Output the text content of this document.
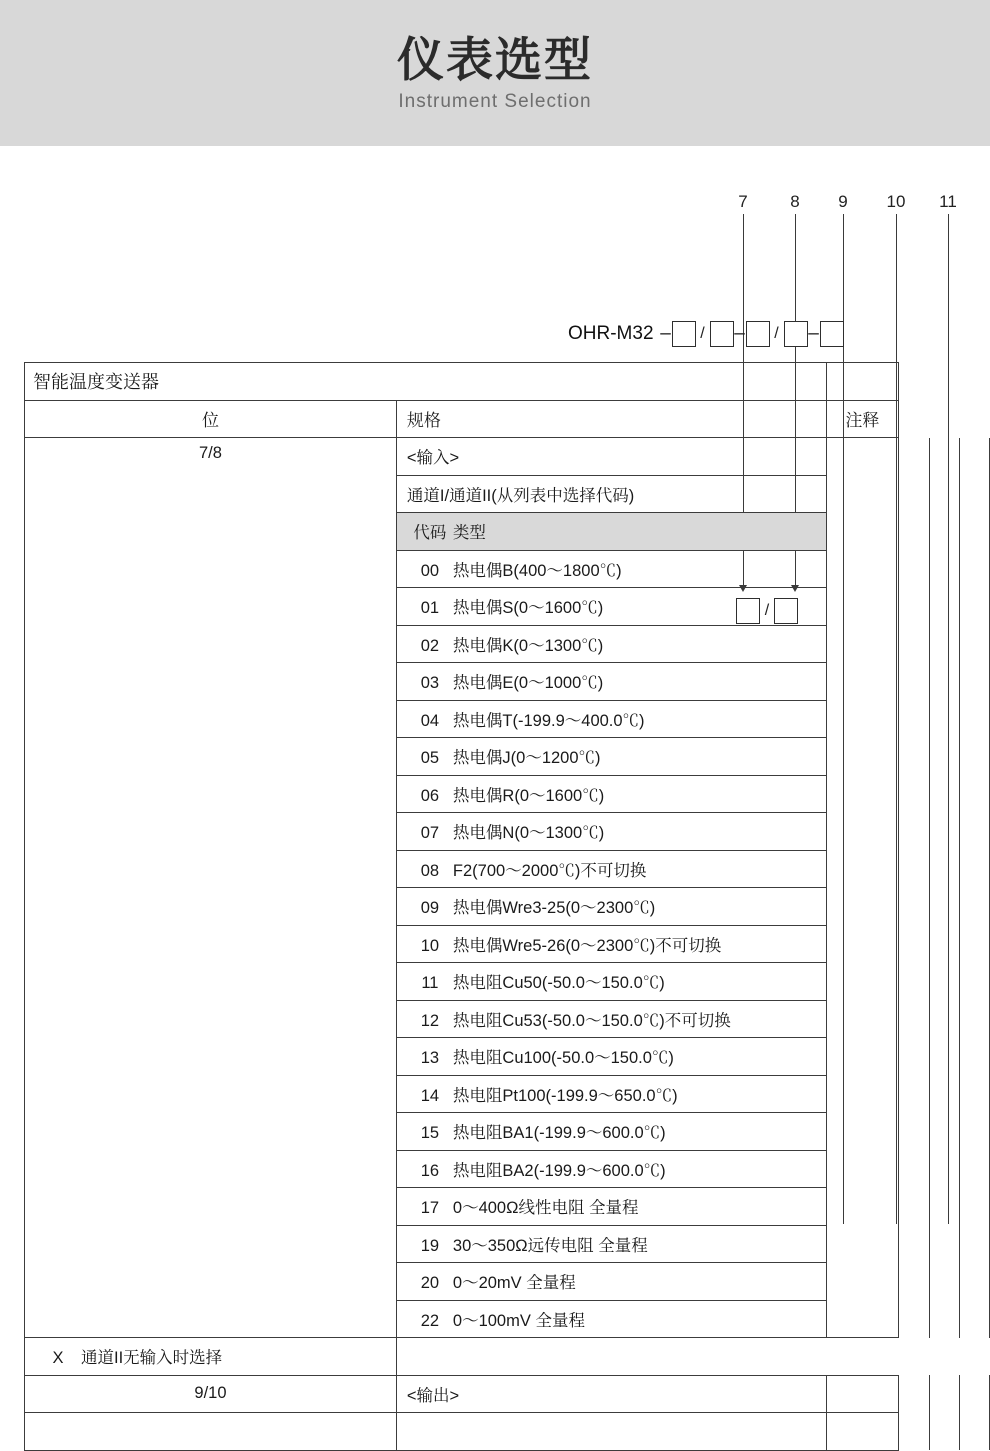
仪表选型
Instrument Selection
7	8	9	10	11
OHR-M32 – / – / –
/
智能温度变送器					
位	规格	注释			
7/8	<输入>				
	通道I/通道II(从列表中选择代码)				
	代码 类型				
	00 热电偶B(400～1800℃)				
	01 热电偶S(0～1600℃)				
	02 热电偶K(0～1300℃)				
	03 热电偶E(0～1000℃)				
	04 热电偶T(-199.9～400.0℃)				
	05 热电偶J(0～1200℃)				
	06 热电偶R(0～1600℃)				
	07 热电偶N(0～1300℃)				
	08 F2(700～2000℃)不可切换				
	09 热电偶Wre3-25(0～2300℃)				
	10 热电偶Wre5-26(0～2300℃)不可切换				
	11 热电阻Cu50(-50.0～150.0℃)				
	12 热电阻Cu53(-50.0～150.0℃)不可切换				
	13 热电阻Cu100(-50.0～150.0℃)				
	14 热电阻Pt100(-199.9～650.0℃)				
	15 热电阻BA1(-199.9～600.0℃)				
	16 热电阻BA2(-199.9～600.0℃)				
	17 0～400Ω线性电阻 全量程				
	19 30～350Ω远传电阻 全量程				
	20 0～20mV 全量程				
	22 0～100mV 全量程				
X 通道II无输入时选择					
9/10	<输出>				
